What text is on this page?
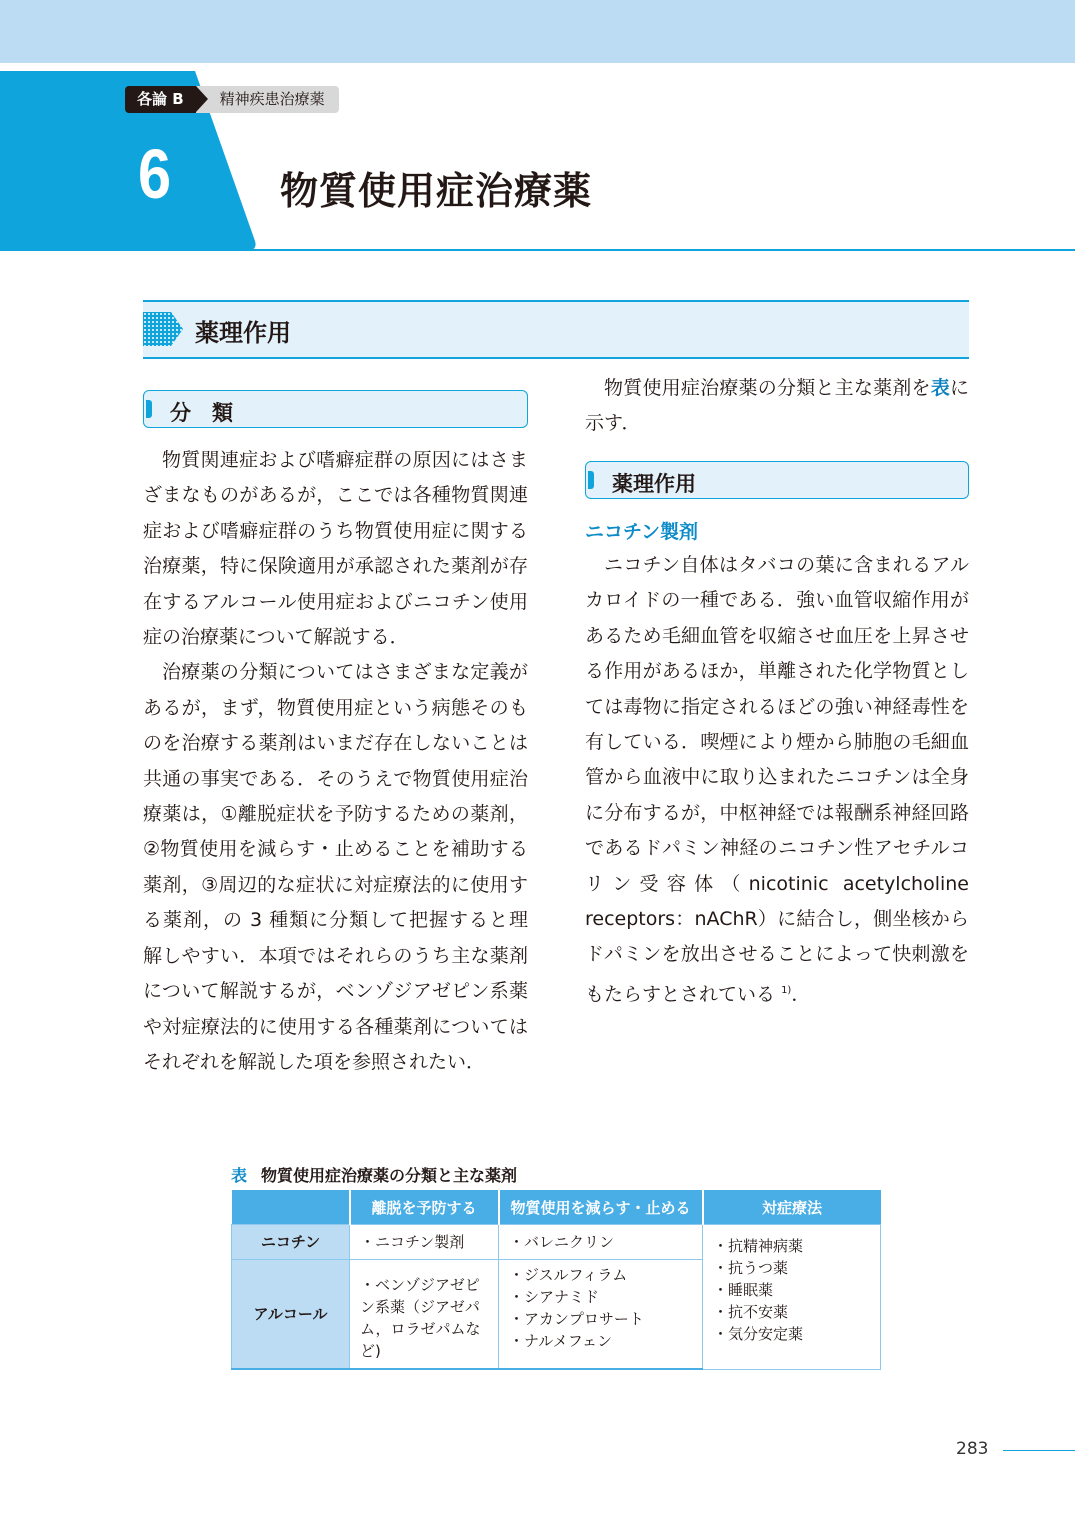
各論 B	精神疾患治療薬
6	物質使用症治療薬
薬理作用
分　類

物質関連症および嗜癖症群の原因にはさまざまなものがあるが，ここでは各種物質関連症および嗜癖症群のうち物質使用症に関する治療薬，特に保険適用が承認された薬剤が存在するアルコール使用症およびニコチン使用症の治療薬について解説する．

治療薬の分類についてはさまざまな定義があるが，まず，物質使用症という病態そのものを治療する薬剤はいまだ存在しないことは共通の事実である．そのうえで物質使用症治療薬は，①離脱症状を予防するための薬剤，②物質使用を減らす・止めることを補助する薬剤，③周辺的な症状に対症療法的に使用する薬剤，の 3 種類に分類して把握すると理解しやすい．本項ではそれらのうち主な薬剤について解説するが，ベンゾジアゼピン系薬や対症療法的に使用する各種薬剤についてはそれぞれを解説した項を参照されたい．

物質使用症治療薬の分類と主な薬剤を表に示す．

薬理作用
ニコチン製剤

ニコチン自体はタバコの葉に含まれるアルカロイドの一種である．強い血管収縮作用があるため毛細血管を収縮させ血圧を上昇させる作用があるほか，単離された化学物質としては毒物に指定されるほどの強い神経毒性を有している．喫煙により煙から肺胞の毛細血管から血液中に取り込まれたニコチンは全身に分布するが，中枢神経では報酬系神経回路であるドパミン神経のニコチン性アセチルコリン受容体（nicotinic acetylcholine receptors：nAChR）に結合し，側坐核からドパミンを放出させることによって快刺激をもたらすとされている $^{1)}$．

表 物質使用症治療薬の分類と主な薬剤
	離脱を予防する	物質使用を減らす・止める	対症療法
ニコチン	・ニコチン製剤	・バレニクリン	・抗精神病薬
・抗うつ薬
・睡眠薬
・抗不安薬
・気分安定薬

アルコール	・ベンゾジアゼピン系薬（ジアゼパム，ロラゼパムなど)	・ジスルフィラム
・シアナミド
・アカンプロサート
・ナルメフェン	
283
